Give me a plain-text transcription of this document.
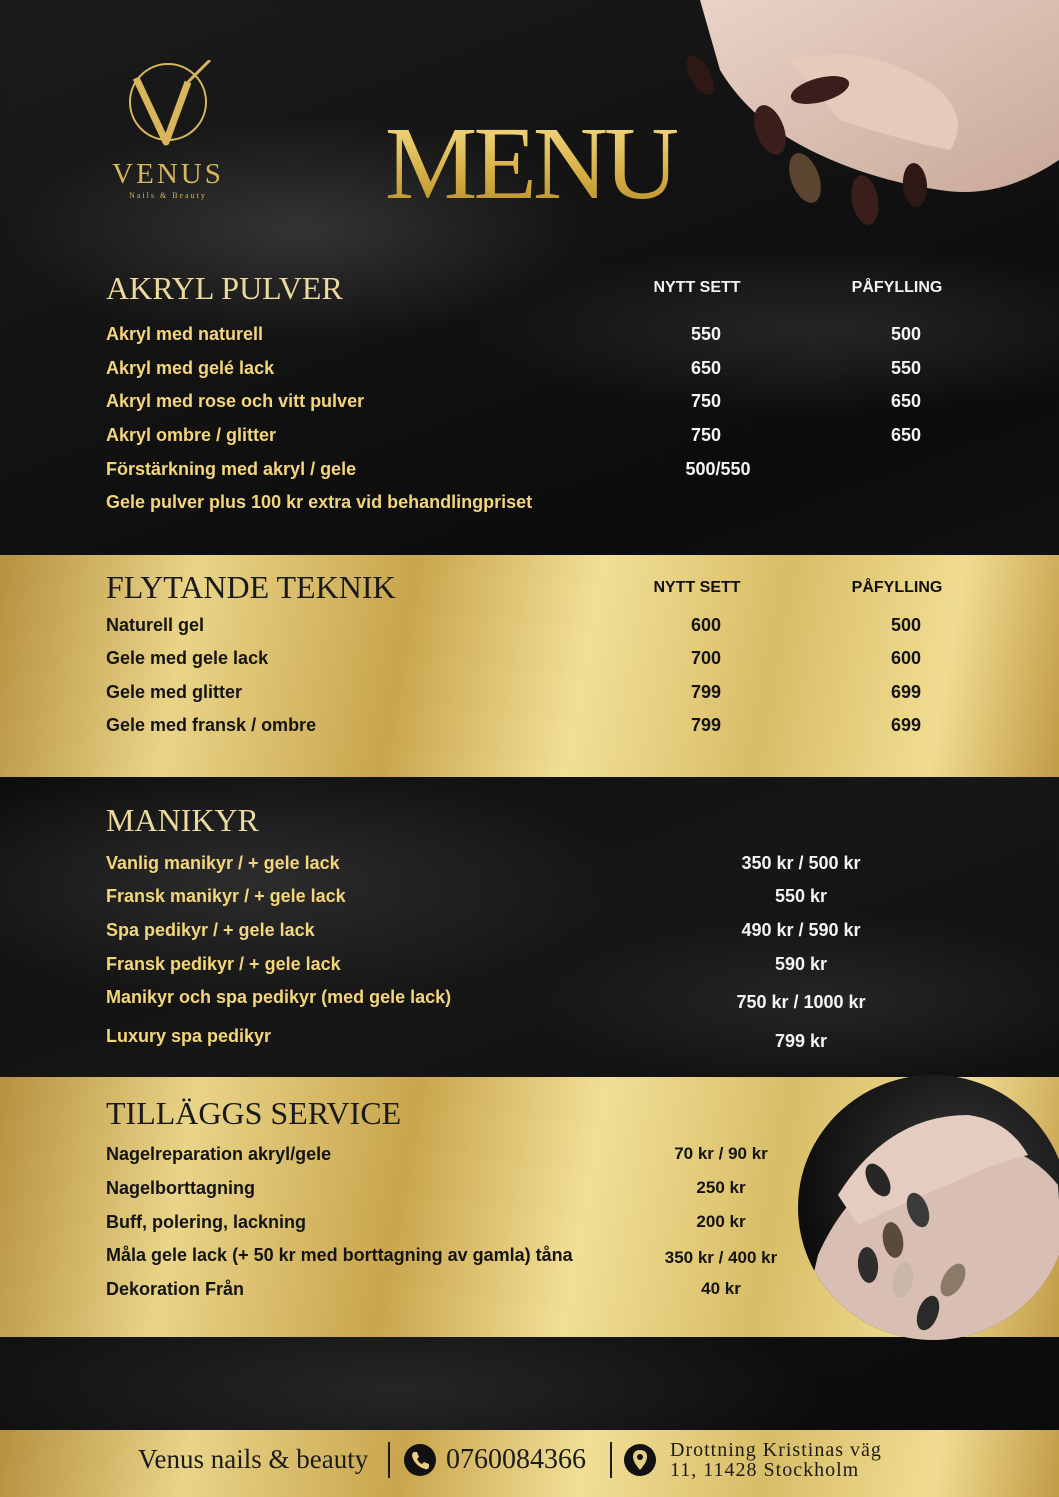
VENUS
Nails & Beauty MENU
AKRYL PULVER	NYTT SETT	PÅFYLLING
Akryl med naturell	550	500
Akryl med gelé lack	650	550
Akryl med rose och vitt pulver	750	650
Akryl ombre / glitter	750	650
Förstärkning med akryl / gele	500/550
Gele pulver plus 100 kr extra vid behandlingpriset
FLYTANDE TEKNIK	NYTT SETT	PÅFYLLING
Naturell gel	600	500
Gele med gele lack	700	600
Gele med glitter	799	699
Gele med fransk / ombre	799	699
MANIKYR
Vanlig manikyr / + gele lack	350 kr / 500 kr
Fransk manikyr / + gele lack	550 kr
Spa pedikyr / + gele lack	490 kr / 590 kr
Fransk pedikyr / + gele lack	590 kr
Manikyr och spa pedikyr (med gele lack)	750 kr / 1000 kr
Luxury spa pedikyr	799 kr
TILLÄGGS SERVICE
Nagelreparation akryl/gele	70 kr / 90 kr
Nagelborttagning	250 kr
Buff, polering, lackning	200 kr
Måla gele lack (+ 50 kr med borttagning av gamla) tåna	350 kr / 400 kr
Dekoration Från	40 kr
Venus nails & beauty	0760084366	Drottning Kristinas väg
11, 11428 Stockholm
